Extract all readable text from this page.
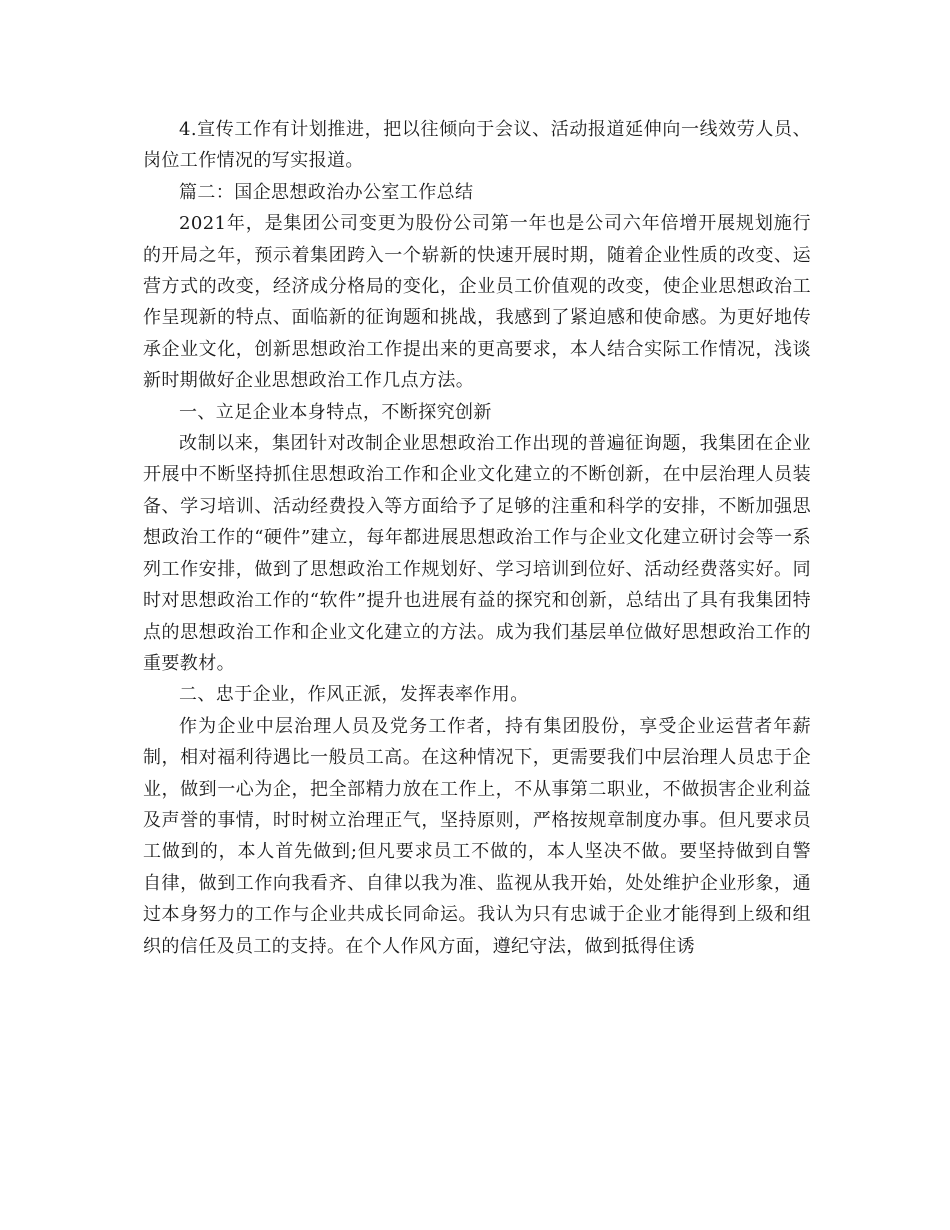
4.宣传工作有计划推进，把以往倾向于会议、活动报道延伸向一线效劳人员、岗位工作情况的写实报道。

篇二：国企思想政治办公室工作总结

2021年，是集团公司变更为股份公司第一年也是公司六年倍增开展规划施行的开局之年，预示着集团跨入一个崭新的快速开展时期，随着企业性质的改变、运营方式的改变，经济成分格局的变化，企业员工价值观的改变，使企业思想政治工作呈现新的特点、面临新的征询题和挑战，我感到了紧迫感和使命感。为更好地传承企业文化，创新思想政治工作提出来的更高要求，本人结合实际工作情况，浅谈新时期做好企业思想政治工作几点方法。

一、立足企业本身特点，不断探究创新

改制以来，集团针对改制企业思想政治工作出现的普遍征询题，我集团在企业开展中不断坚持抓住思想政治工作和企业文化建立的不断创新，在中层治理人员装备、学习培训、活动经费投入等方面给予了足够的注重和科学的安排，不断加强思想政治工作的“硬件”建立，每年都进展思想政治工作与企业文化建立研讨会等一系列工作安排，做到了思想政治工作规划好、学习培训到位好、活动经费落实好。同时对思想政治工作的“软件”提升也进展有益的探究和创新，总结出了具有我集团特点的思想政治工作和企业文化建立的方法。成为我们基层单位做好思想政治工作的重要教材。

二、忠于企业，作风正派，发挥表率作用。

作为企业中层治理人员及党务工作者，持有集团股份，享受企业运营者年薪制，相对福利待遇比一般员工高。在这种情况下，更需要我们中层治理人员忠于企业，做到一心为企，把全部精力放在工作上，不从事第二职业，不做损害企业利益及声誉的事情，时时树立治理正气，坚持原则，严格按规章制度办事。但凡要求员工做到的，本人首先做到;但凡要求员工不做的，本人坚决不做。要坚持做到自警自律，做到工作向我看齐、自律以我为准、监视从我开始，处处维护企业形象，通过本身努力的工作与企业共成长同命运。我认为只有忠诚于企业才能得到上级和组织的信任及员工的支持。在个人作风方面，遵纪守法，做到抵得住诱
